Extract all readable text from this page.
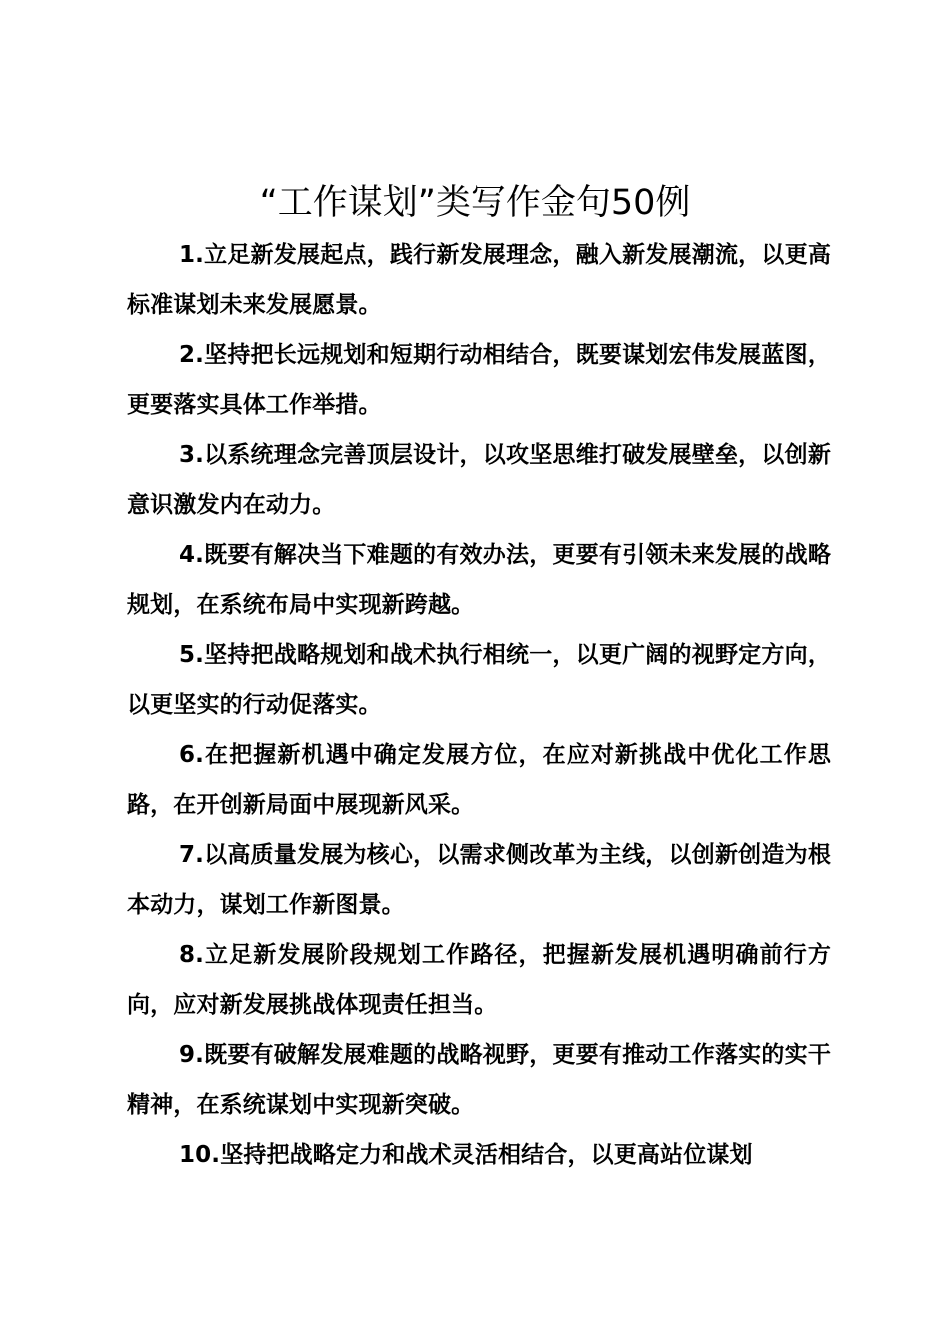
“工作谋划”类写作金句50例

1.立足新发展起点，践行新发展理念，融入新发展潮流，以更高标准谋划未来发展愿景。

2.坚持把长远规划和短期行动相结合，既要谋划宏伟发展蓝图，更要落实具体工作举措。

3.以系统理念完善顶层设计，以攻坚思维打破发展壁垒，以创新意识激发内在动力。

4.既要有解决当下难题的有效办法，更要有引领未来发展的战略规划，在系统布局中实现新跨越。

5.坚持把战略规划和战术执行相统一，以更广阔的视野定方向，以更坚实的行动促落实。

6.在把握新机遇中确定发展方位，在应对新挑战中优化工作思路，在开创新局面中展现新风采。

7.以高质量发展为核心，以需求侧改革为主线，以创新创造为根本动力，谋划工作新图景。

8.立足新发展阶段规划工作路径，把握新发展机遇明确前行方向，应对新发展挑战体现责任担当。

9.既要有破解发展难题的战略视野，更要有推动工作落实的实干精神，在系统谋划中实现新突破。

10.坚持把战略定力和战术灵活相结合，以更高站位谋划
